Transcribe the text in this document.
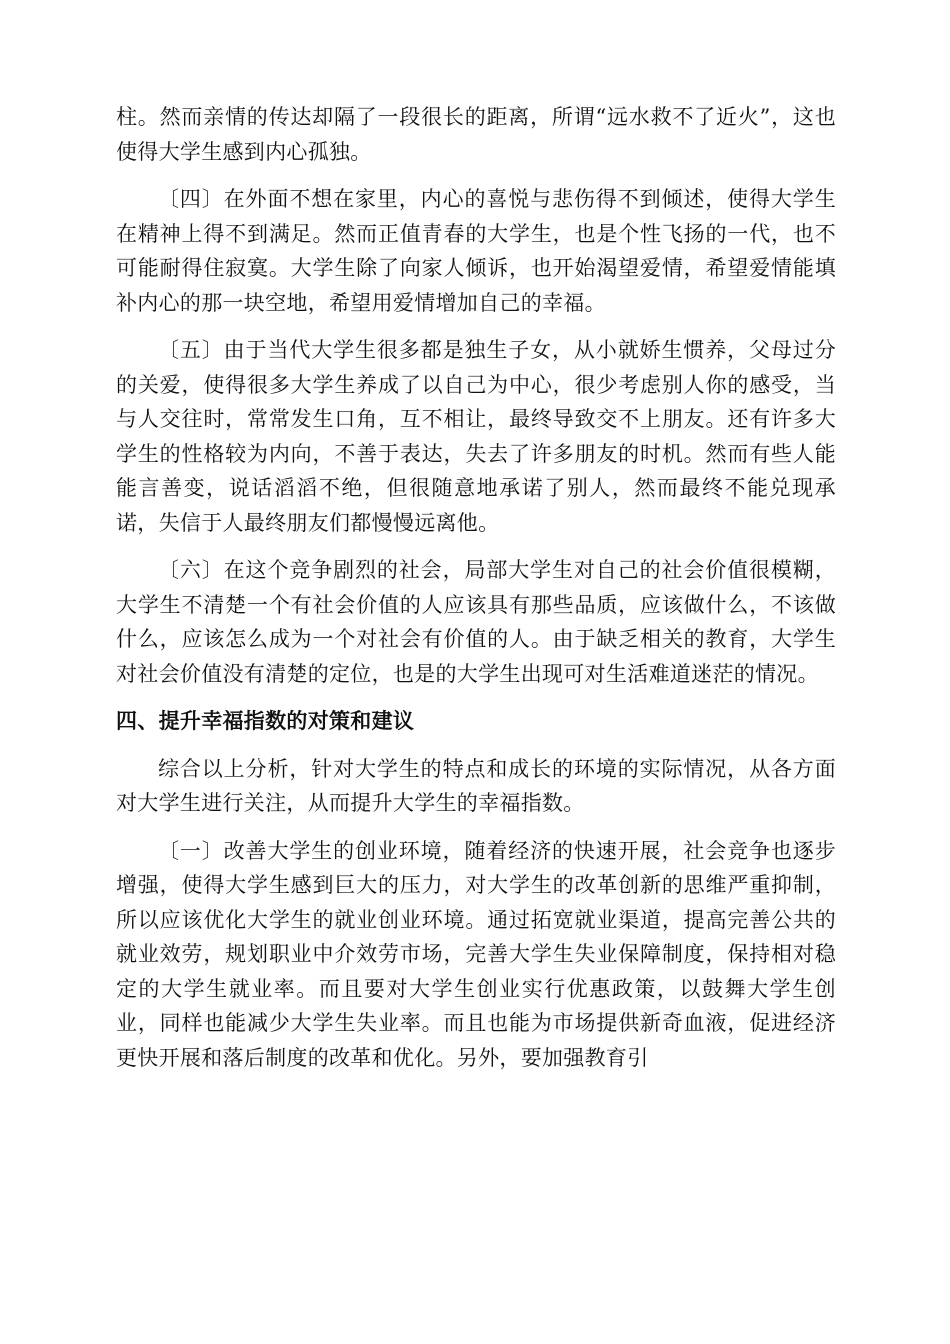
柱。然而亲情的传达却隔了一段很长的距离，所谓“远水救不了近火”，这也使得大学生感到内心孤独。

〔四〕在外面不想在家里，内心的喜悦与悲伤得不到倾述，使得大学生在精神上得不到满足。然而正值青春的大学生，也是个性飞扬的一代，也不可能耐得住寂寞。大学生除了向家人倾诉，也开始渴望爱情，希望爱情能填补内心的那一块空地，希望用爱情增加自己的幸福。

〔五〕由于当代大学生很多都是独生子女，从小就娇生惯养，父母过分的关爱，使得很多大学生养成了以自己为中心，很少考虑别人你的感受，当与人交往时，常常发生口角，互不相让，最终导致交不上朋友。还有许多大学生的性格较为内向，不善于表达，失去了许多朋友的时机。然而有些人能能言善变，说话滔滔不绝，但很随意地承诺了别人，然而最终不能兑现承诺，失信于人最终朋友们都慢慢远离他。

〔六〕在这个竞争剧烈的社会，局部大学生对自己的社会价值很模糊，大学生不清楚一个有社会价值的人应该具有那些品质，应该做什么，不该做什么，应该怎么成为一个对社会有价值的人。由于缺乏相关的教育，大学生对社会价值没有清楚的定位，也是的大学生出现可对生活难道迷茫的情况。

四、提升幸福指数的对策和建议

综合以上分析，针对大学生的特点和成长的环境的实际情况，从各方面对大学生进行关注，从而提升大学生的幸福指数。

〔一〕改善大学生的创业环境，随着经济的快速开展，社会竞争也逐步增强，使得大学生感到巨大的压力，对大学生的改革创新的思维严重抑制，所以应该优化大学生的就业创业环境。通过拓宽就业渠道，提高完善公共的就业效劳，规划职业中介效劳市场，完善大学生失业保障制度，保持相对稳定的大学生就业率。而且要对大学生创业实行优惠政策，以鼓舞大学生创业，同样也能减少大学生失业率。而且也能为市场提供新奇血液，促进经济更快开展和落后制度的改革和优化。另外，要加强教育引
